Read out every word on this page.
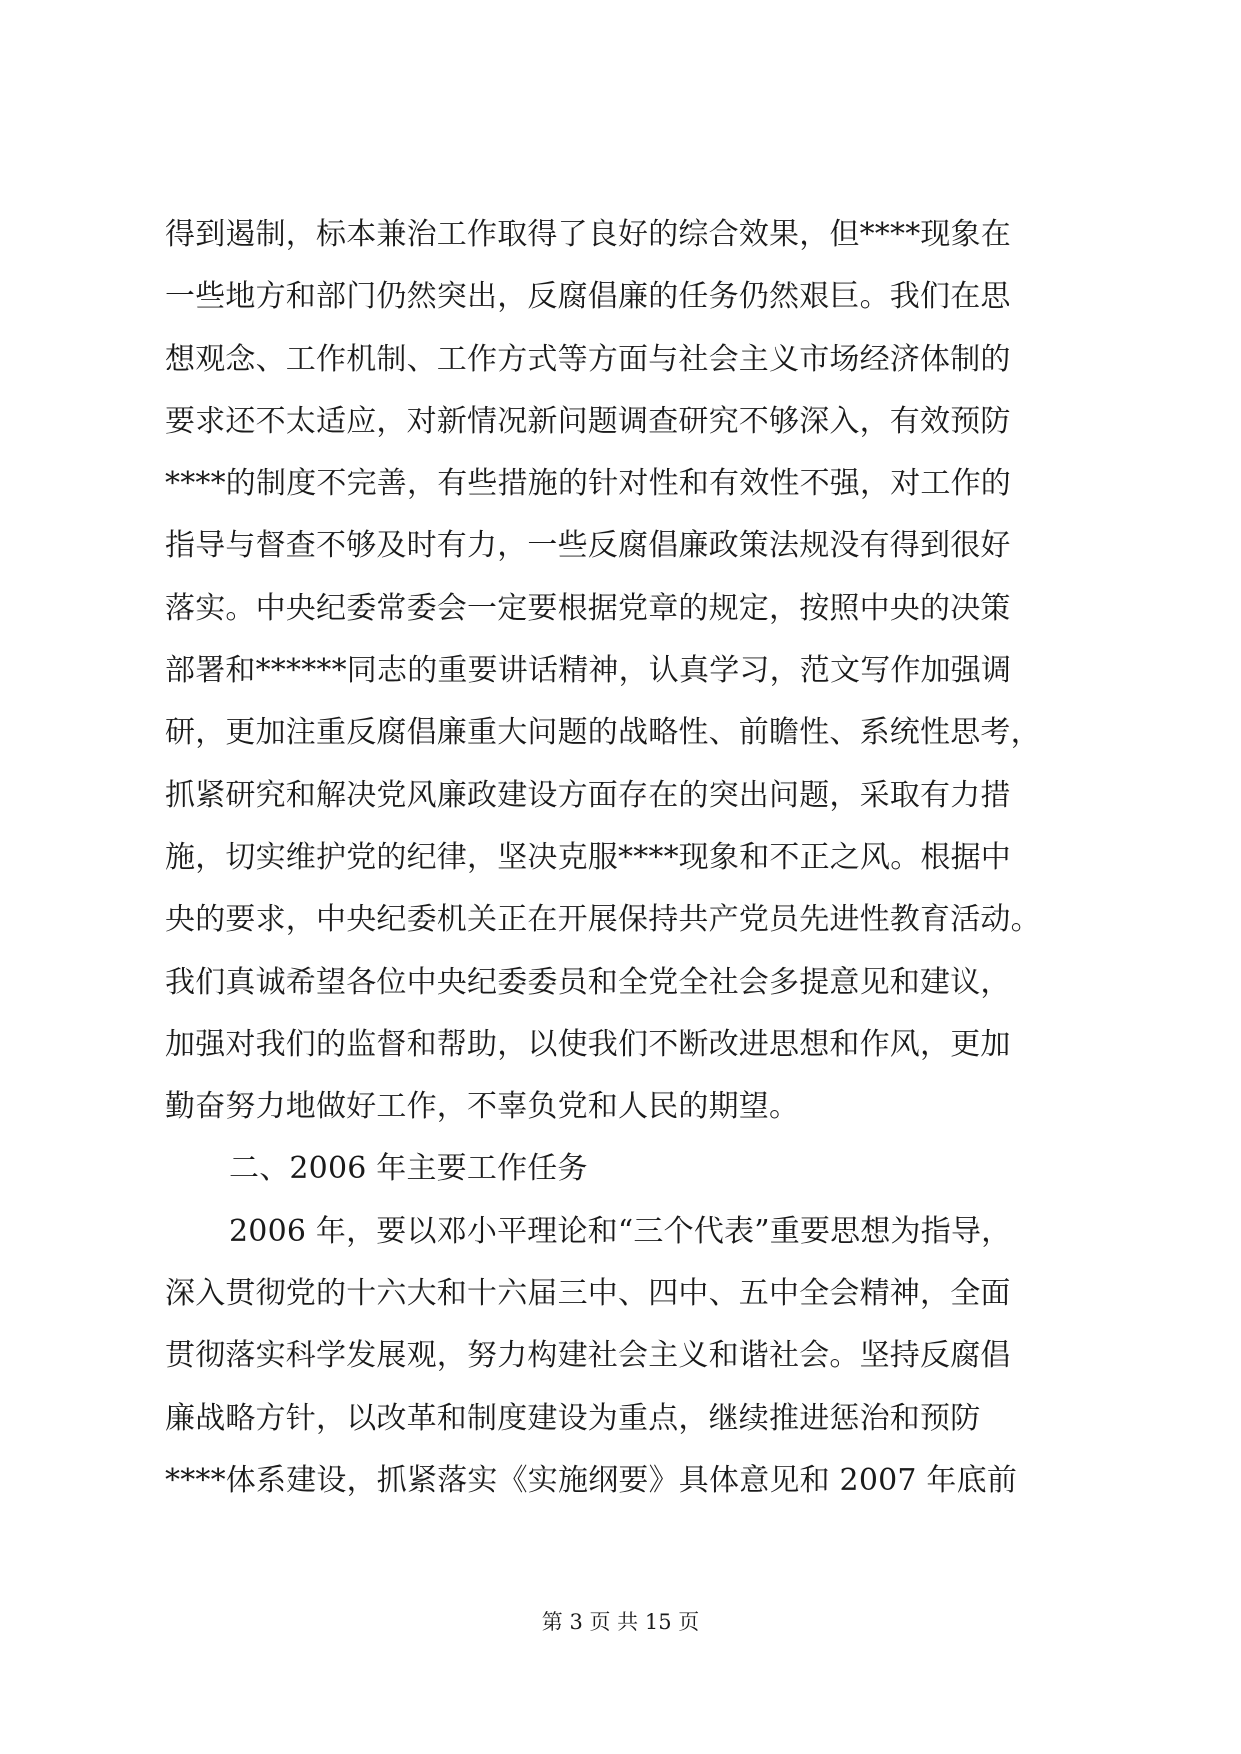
得到遏制，标本兼治工作取得了良好的综合效果，但****现象在
一些地方和部门仍然突出，反腐倡廉的任务仍然艰巨。我们在思
想观念、工作机制、工作方式等方面与社会主义市场经济体制的
要求还不太适应，对新情况新问题调查研究不够深入，有效预防
****的制度不完善，有些措施的针对性和有效性不强，对工作的
指导与督查不够及时有力，一些反腐倡廉政策法规没有得到很好
落实。中央纪委常委会一定要根据党章的规定，按照中央的决策
部署和******同志的重要讲话精神，认真学习，范文写作加强调
研，更加注重反腐倡廉重大问题的战略性、前瞻性、系统性思考，
抓紧研究和解决党风廉政建设方面存在的突出问题，采取有力措
施，切实维护党的纪律，坚决克服****现象和不正之风。根据中
央的要求，中央纪委机关正在开展保持共产党员先进性教育活动。
我们真诚希望各位中央纪委委员和全党全社会多提意见和建议，
加强对我们的监督和帮助，以使我们不断改进思想和作风，更加
勤奋努力地做好工作，不辜负党和人民的期望。
二、2006 年主要工作任务
2006 年，要以邓小平理论和“三个代表”重要思想为指导，
深入贯彻党的十六大和十六届三中、四中、五中全会精神，全面
贯彻落实科学发展观，努力构建社会主义和谐社会。坚持反腐倡
廉战略方针，以改革和制度建设为重点，继续推进惩治和预防
****体系建设，抓紧落实《实施纲要》具体意见和 2007 年底前
第 3 页 共 15 页
